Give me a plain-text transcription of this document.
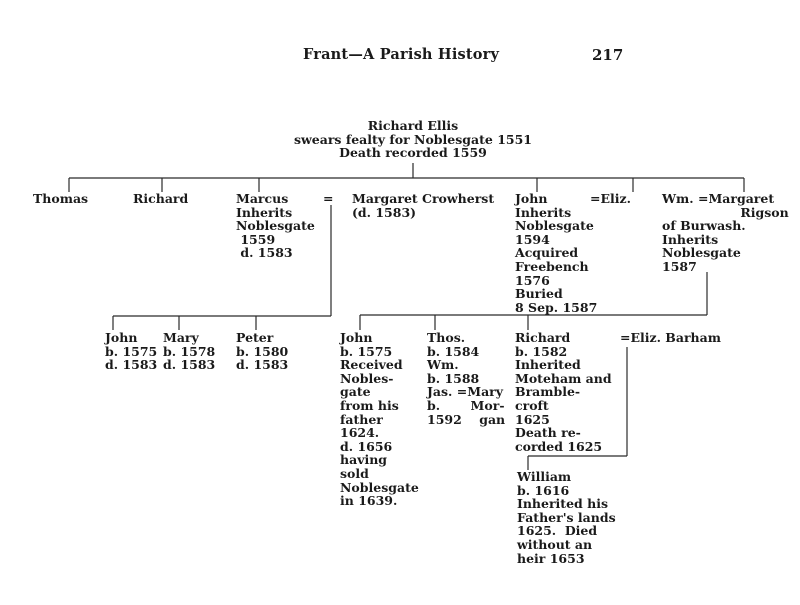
Frant—A Parish History	217
Richard Ellis
swears fealty for Noblesgate 1551
Death recorded 1559
Thomas	Richard	Marcus
Inherits
Noblesgate
1559
d. 1583
= Margaret Crowherst
(d. 1583)
John
Inherits
Noblesgate
1594
Acquired
Freebench
1576
Buried
8 Sep. 1587
=Eliz. Wm. =Margaret
Rigson
of Burwash.
Inherits
Noblesgate
1587
John
b. 1575
d. 1583
Mary
b. 1578
d. 1583
Peter
b. 1580
d. 1583
John
b. 1575
Received
Nobles-
gate
from his
father
1624.
d. 1656
having
sold
Noblesgate
in 1639.
Thos.
b. 1584
Wm.
b. 1588
Jas. =Mary
b.       Mor-
1592    gan
Richard
b. 1582
Inherited
Moteham and
Bramble-
croft
1625
Death re-
corded 1625
=Eliz. Barham
William
b. 1616
Inherited his
Father's lands
1625.  Died
without an
heir 1653
